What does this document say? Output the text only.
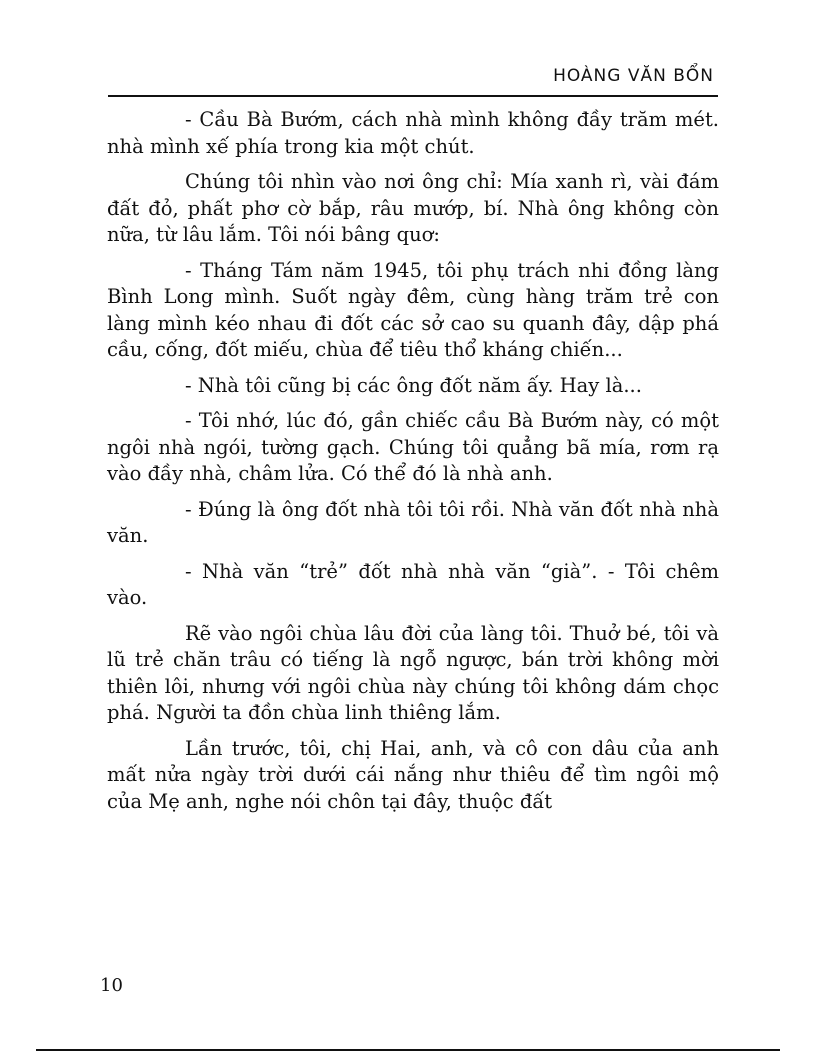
HOÀNG VĂN BỔN

- Cầu Bà Bướm, cách nhà mình không đầy trăm mét. nhà mình xế phía trong kia một chút.

Chúng tôi nhìn vào nơi ông chỉ: Mía xanh rì, vài đám đất đỏ, phất phơ cờ bắp, râu mướp, bí. Nhà ông không còn nữa, từ lâu lắm. Tôi nói bâng quơ:

- Tháng Tám năm 1945, tôi phụ trách nhi đồng làng Bình Long mình. Suốt ngày đêm, cùng hàng trăm trẻ con làng mình kéo nhau đi đốt các sở cao su quanh đây, dập phá cầu, cống, đốt miếu, chùa để tiêu thổ kháng chiến...

- Nhà tôi cũng bị các ông đốt năm ấy. Hay là...

- Tôi nhớ, lúc đó, gần chiếc cầu Bà Bướm này, có một ngôi nhà ngói, tường gạch. Chúng tôi quẳng bã mía, rơm rạ vào đầy nhà, châm lửa. Có thể đó là nhà anh.

- Đúng là ông đốt nhà tôi tôi rồi. Nhà văn đốt nhà nhà văn.

- Nhà văn “trẻ” đốt nhà nhà văn “già”. - Tôi chêm vào.

Rẽ vào ngôi chùa lâu đời của làng tôi. Thuở bé, tôi và lũ trẻ chăn trâu có tiếng là ngỗ ngược, bán trời không mời thiên lôi, nhưng với ngôi chùa này chúng tôi không dám chọc phá. Người ta đồn chùa linh thiêng lắm.

Lần trước, tôi, chị Hai, anh, và cô con dâu của anh mất nửa ngày trời dưới cái nắng như thiêu để tìm ngôi mộ của Mẹ anh, nghe nói chôn tại đây, thuộc đất

10
